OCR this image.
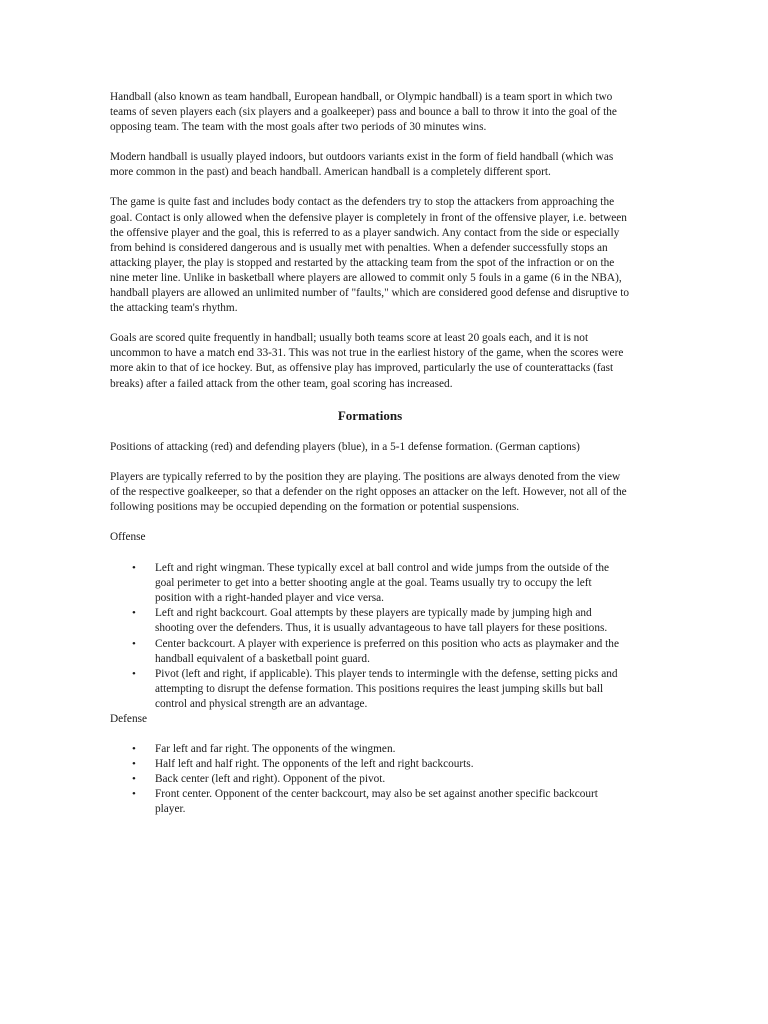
Handball (also known as team handball, European handball, or Olympic handball) is a team sport in which two teams of seven players each (six players and a goalkeeper) pass and bounce a ball to throw it into the goal of the opposing team. The team with the most goals after two periods of 30 minutes wins.

Modern handball is usually played indoors, but outdoors variants exist in the form of field handball (which was more common in the past) and beach handball. American handball is a completely different sport.

The game is quite fast and includes body contact as the defenders try to stop the attackers from approaching the goal. Contact is only allowed when the defensive player is completely in front of the offensive player, i.e. between the offensive player and the goal, this is referred to as a player sandwich. Any contact from the side or especially from behind is considered dangerous and is usually met with penalties. When a defender successfully stops an attacking player, the play is stopped and restarted by the attacking team from the spot of the infraction or on the nine meter line. Unlike in basketball where players are allowed to commit only 5 fouls in a game (6 in the NBA), handball players are allowed an unlimited number of "faults," which are considered good defense and disruptive to the attacking team's rhythm.

Goals are scored quite frequently in handball; usually both teams score at least 20 goals each, and it is not uncommon to have a match end 33-31. This was not true in the earliest history of the game, when the scores were more akin to that of ice hockey. But, as offensive play has improved, particularly the use of counterattacks (fast breaks) after a failed attack from the other team, goal scoring has increased.

Formations

Positions of attacking (red) and defending players (blue), in a 5-1 defense formation. (German captions)

Players are typically referred to by the position they are playing. The positions are always denoted from the view of the respective goalkeeper, so that a defender on the right opposes an attacker on the left. However, not all of the following positions may be occupied depending on the formation or potential suspensions.

Offense

• Left and right wingman. These typically excel at ball control and wide jumps from the outside of the goal perimeter to get into a better shooting angle at the goal. Teams usually try to occupy the left position with a right-handed player and vice versa.
• Left and right backcourt. Goal attempts by these players are typically made by jumping high and shooting over the defenders. Thus, it is usually advantageous to have tall players for these positions.
• Center backcourt. A player with experience is preferred on this position who acts as playmaker and the handball equivalent of a basketball point guard.
• Pivot (left and right, if applicable). This player tends to intermingle with the defense, setting picks and attempting to disrupt the defense formation. This positions requires the least jumping skills but ball control and physical strength are an advantage.

Defense

• Far left and far right. The opponents of the wingmen.
• Half left and half right. The opponents of the left and right backcourts.
• Back center (left and right). Opponent of the pivot.
• Front center. Opponent of the center backcourt, may also be set against another specific backcourt player.
